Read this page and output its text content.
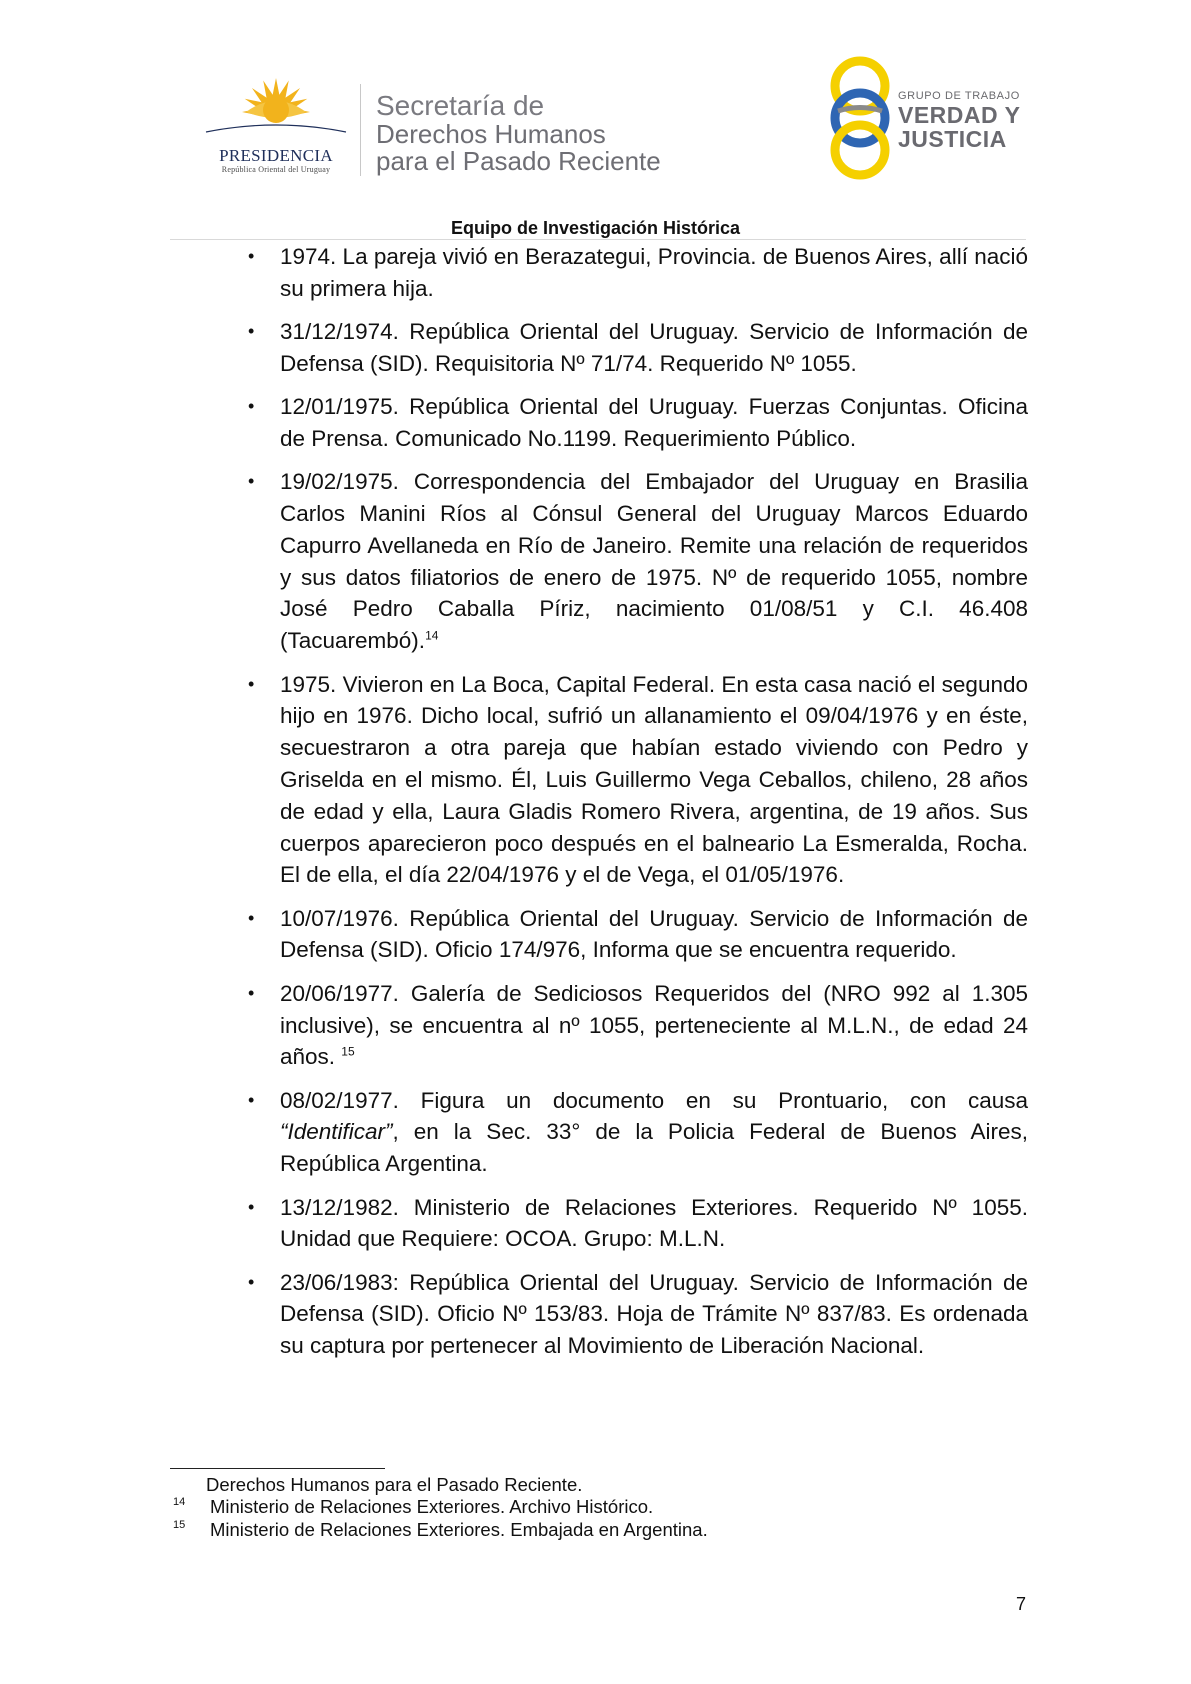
PRESIDENCIA
República Oriental del Uruguay
Secretaría de
Derechos Humanos
para el Pasado Reciente
GRUPO DE TRABAJO
VERDAD Y
JUSTICIA
Equipo de Investigación Histórica
•	1974. La pareja vivió en Berazategui, Provincia. de Buenos Aires, allí nació su primera hija.
•	31/12/1974. República Oriental del Uruguay. Servicio de Información de Defensa (SID). Requisitoria Nº 71/74. Requerido Nº 1055.
•	12/01/1975. República Oriental del Uruguay. Fuerzas Conjuntas. Oficina de Prensa. Comunicado No.1199. Requerimiento Público.
•	19/02/1975. Correspondencia del Embajador del Uruguay en Brasilia Carlos Manini Ríos al Cónsul General del Uruguay Marcos Eduardo Capurro Avellaneda en Río de Janeiro. Remite una relación de requeridos y sus datos filiatorios de enero de 1975. Nº de requerido 1055, nombre José Pedro Caballa Píriz, nacimiento 01/08/51 y C.I. 46.408 (Tacuarembó).$^{14}$
•	1975. Vivieron en La Boca, Capital Federal. En esta casa nació el segundo hijo en 1976. Dicho local, sufrió un allanamiento el 09/04/1976 y en éste, secuestraron a otra pareja que habían estado viviendo con Pedro y Griselda en el mismo. Él, Luis Guillermo Vega Ceballos, chileno, 28 años de edad y ella, Laura Gladis Romero Rivera, argentina, de 19 años. Sus cuerpos aparecieron poco después en el balneario La Esmeralda, Rocha. El de ella, el día 22/04/1976 y el de Vega, el 01/05/1976.
•	10/07/1976. República Oriental del Uruguay. Servicio de Información de Defensa (SID). Oficio 174/976, Informa que se encuentra requerido.
•	20/06/1977. Galería de Sediciosos Requeridos del (NRO 992 al 1.305 inclusive), se encuentra al nº 1055, perteneciente al M.L.N., de edad 24 años. $^{15}$
•	08/02/1977. Figura un documento en su Prontuario, con causa “Identificar”, en la Sec. 33° de la Policia Federal de Buenos Aires, República Argentina.
•	13/12/1982. Ministerio de Relaciones Exteriores. Requerido Nº 1055. Unidad que Requiere: OCOA. Grupo: M.L.N.
•	23/06/1983: República Oriental del Uruguay. Servicio de Información de Defensa (SID). Oficio Nº 153/83. Hoja de Trámite Nº 837/83. Es ordenada su captura por pertenecer al Movimiento de Liberación Nacional.
Derechos Humanos para el Pasado Reciente.
14 Ministerio de Relaciones Exteriores. Archivo Histórico.
15 Ministerio de Relaciones Exteriores. Embajada en Argentina.
7
